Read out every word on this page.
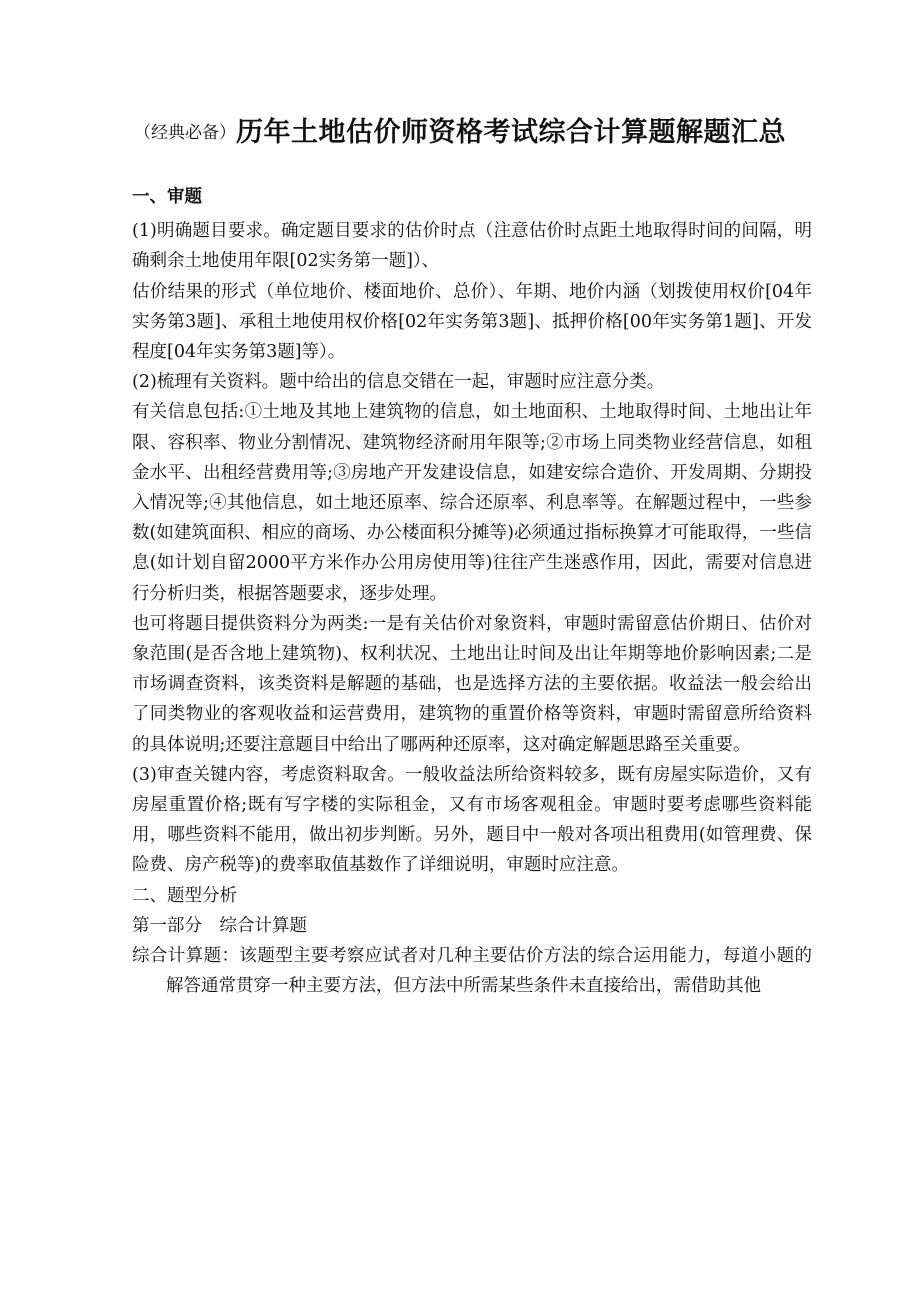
（经典必备）历年土地估价师资格考试综合计算题解题汇总

一、审题

(1)明确题目要求。确定题目要求的估价时点（注意估价时点距土地取得时间的间隔，明确剩余土地使用年限[02实务第一题]）、

估价结果的形式（单位地价、楼面地价、总价）、年期、地价内涵（划拨使用权价[04年实务第3题]、承租土地使用权价格[02年实务第3题]、抵押价格[00年实务第1题]、开发程度[04年实务第3题]等）。

(2)梳理有关资料。题中给出的信息交错在一起，审题时应注意分类。

有关信息包括:①土地及其地上建筑物的信息，如土地面积、土地取得时间、土地出让年限、容积率、物业分割情况、建筑物经济耐用年限等;②市场上同类物业经营信息，如租金水平、出租经营费用等;③房地产开发建设信息，如建安综合造价、开发周期、分期投入情况等;④其他信息，如土地还原率、综合还原率、利息率等。在解题过程中，一些参数(如建筑面积、相应的商场、办公楼面积分摊等)必须通过指标换算才可能取得，一些信息(如计划自留2000平方米作办公用房使用等)往往产生迷惑作用，因此，需要对信息进行分析归类，根据答题要求，逐步处理。

也可将题目提供资料分为两类:一是有关估价对象资料，审题时需留意估价期日、估价对象范围(是否含地上建筑物)、权利状况、土地出让时间及出让年期等地价影响因素;二是市场调查资料，该类资料是解题的基础，也是选择方法的主要依据。收益法一般会给出了同类物业的客观收益和运营费用，建筑物的重置价格等资料，审题时需留意所给资料的具体说明;还要注意题目中给出了哪两种还原率，这对确定解题思路至关重要。

(3)审查关键内容，考虑资料取舍。一般收益法所给资料较多，既有房屋实际造价，又有房屋重置价格;既有写字楼的实际租金，又有市场客观租金。审题时要考虑哪些资料能用，哪些资料不能用，做出初步判断。另外，题目中一般对各项出租费用(如管理费、保险费、房产税等)的费率取值基数作了详细说明，审题时应注意。

二、题型分析

第一部分　综合计算题

综合计算题：该题型主要考察应试者对几种主要估价方法的综合运用能力，每道小题的解答通常贯穿一种主要方法，但方法中所需某些条件未直接给出，需借助其他
